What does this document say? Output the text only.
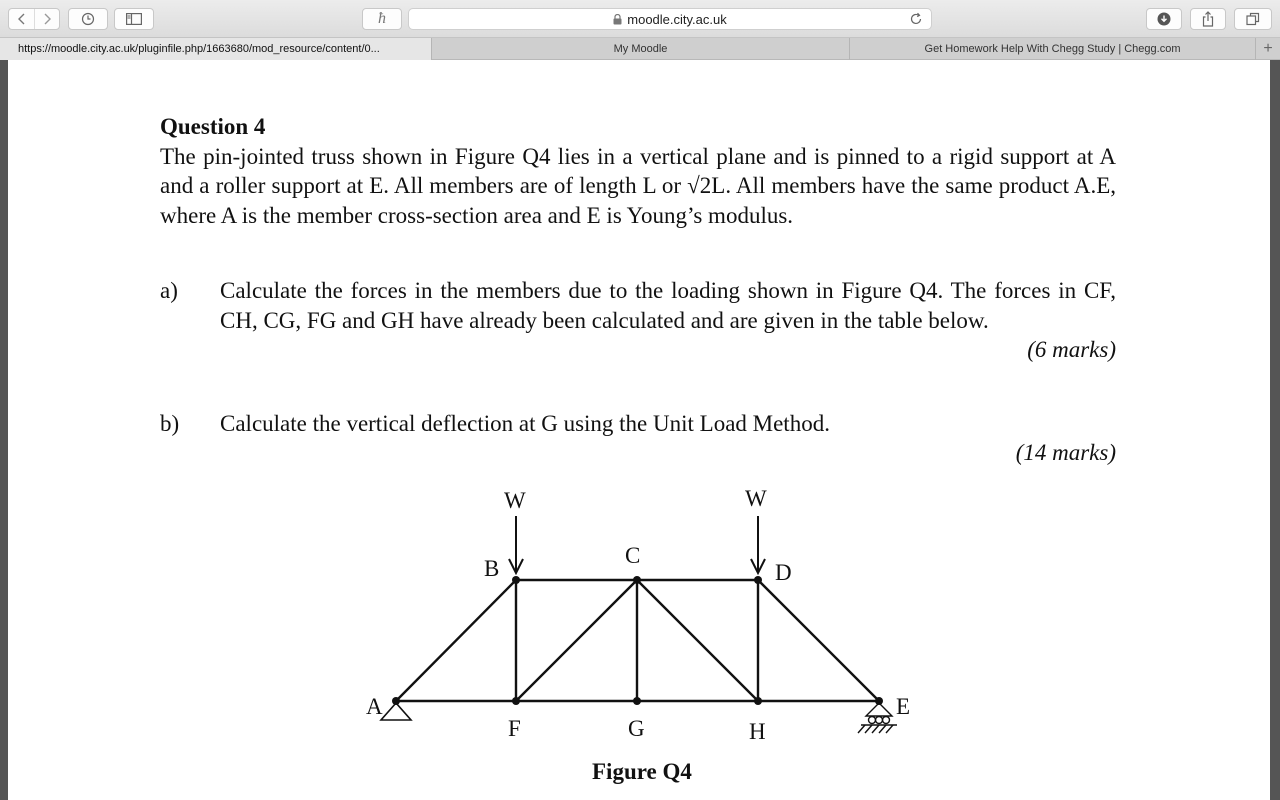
ħ	moodle.city.ac.uk
https://moodle.city.ac.uk/pluginfile.php/1663680/mod_resource/content/0...	My Moodle	Get Homework Help With Chegg Study | Chegg.com	+
Question 4
The pin-jointed truss shown in Figure Q4 lies in a vertical plane and is pinned to a rigid support at A and a roller support at E. All members are of length L or √2L. All members have the same product A.E, where A is the member cross-section area and E is Young’s modulus.
a)	Calculate the forces in the members due to the loading shown in Figure Q4. The forces in CF, CH, CG, FG and GH have already been calculated and are given in the table below.
(6 marks)
b)	Calculate the vertical deflection at G using the Unit Load Method.
(14 marks)
W	W
A
B
C
D
E
F	G	H
Figure Q4
